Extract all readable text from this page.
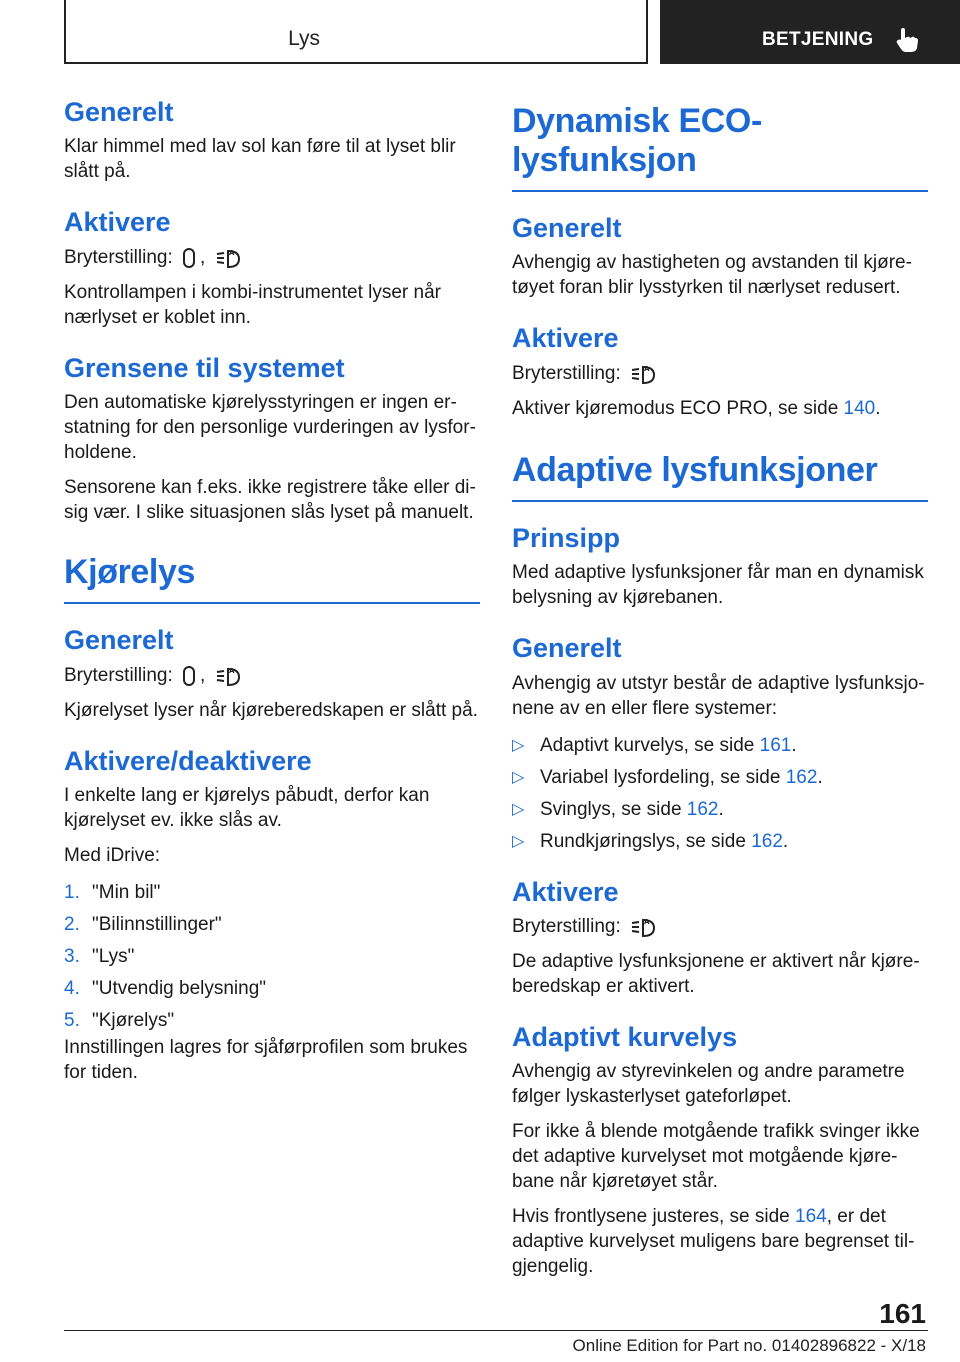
Lys	BETJENING
Generelt

Klar himmel med lav sol kan føre til at lyset blir slått på.

Aktivere

Bryterstilling: ,	A

Kontrollampen i kombi-instrumentet lyser når nærlyset er koblet inn.

Grensene til systemet

Den automatiske kjørelysstyringen er ingen erstatning for den personlige vurderingen av lysforholdene.

Sensorene kan f.eks. ikke registrere tåke eller disig vær. I slike situasjonen slås lyset på manuelt.

Kjørelys
Generelt

Bryterstilling: ,	A

Kjørelyset lyser når kjøreberedskapen er slått på.

Aktivere/deaktivere

I enkelte lang er kjørelys påbudt, derfor kan kjørelyset ev. ikke slås av.

Med iDrive:

1. "Min bil"
2. "Bilinnstillinger"
3. "Lys"
4. "Utvendig belysning"
5. "Kjørelys"

Innstillingen lagres for sjåførprofilen som brukes for tiden.

Dynamisk ECO-lysfunksjon
Generelt

Avhengig av hastigheten og avstanden til kjøretøyet foran blir lysstyrken til nærlyset redusert.

Aktivere

Bryterstilling:	A

Aktiver kjøremodus ECO PRO, se side 140.

Adaptive lysfunksjoner
Prinsipp

Med adaptive lysfunksjoner får man en dynamisk belysning av kjørebanen.

Generelt

Avhengig av utstyr består de adaptive lysfunksjonene av en eller flere systemer:

▷ Adaptivt kurvelys, se side 161.
▷ Variabel lysfordeling, se side 162.
▷ Svinglys, se side 162.
▷ Rundkjøringslys, se side 162.
Aktivere

Bryterstilling:	A

De adaptive lysfunksjonene er aktivert når kjøreberedskap er aktivert.

Adaptivt kurvelys

Avhengig av styrevinkelen og andre parametre følger lyskasterlyset gateforløpet.

For ikke å blende motgående trafikk svinger ikke det adaptive kurvelyset mot motgående kjørebane når kjøretøyet står.

Hvis frontlysene justeres, se side 164, er det adaptive kurvelyset muligens bare begrenset tilgjengelig.

161
Online Edition for Part no. 01402896822 - X/18
